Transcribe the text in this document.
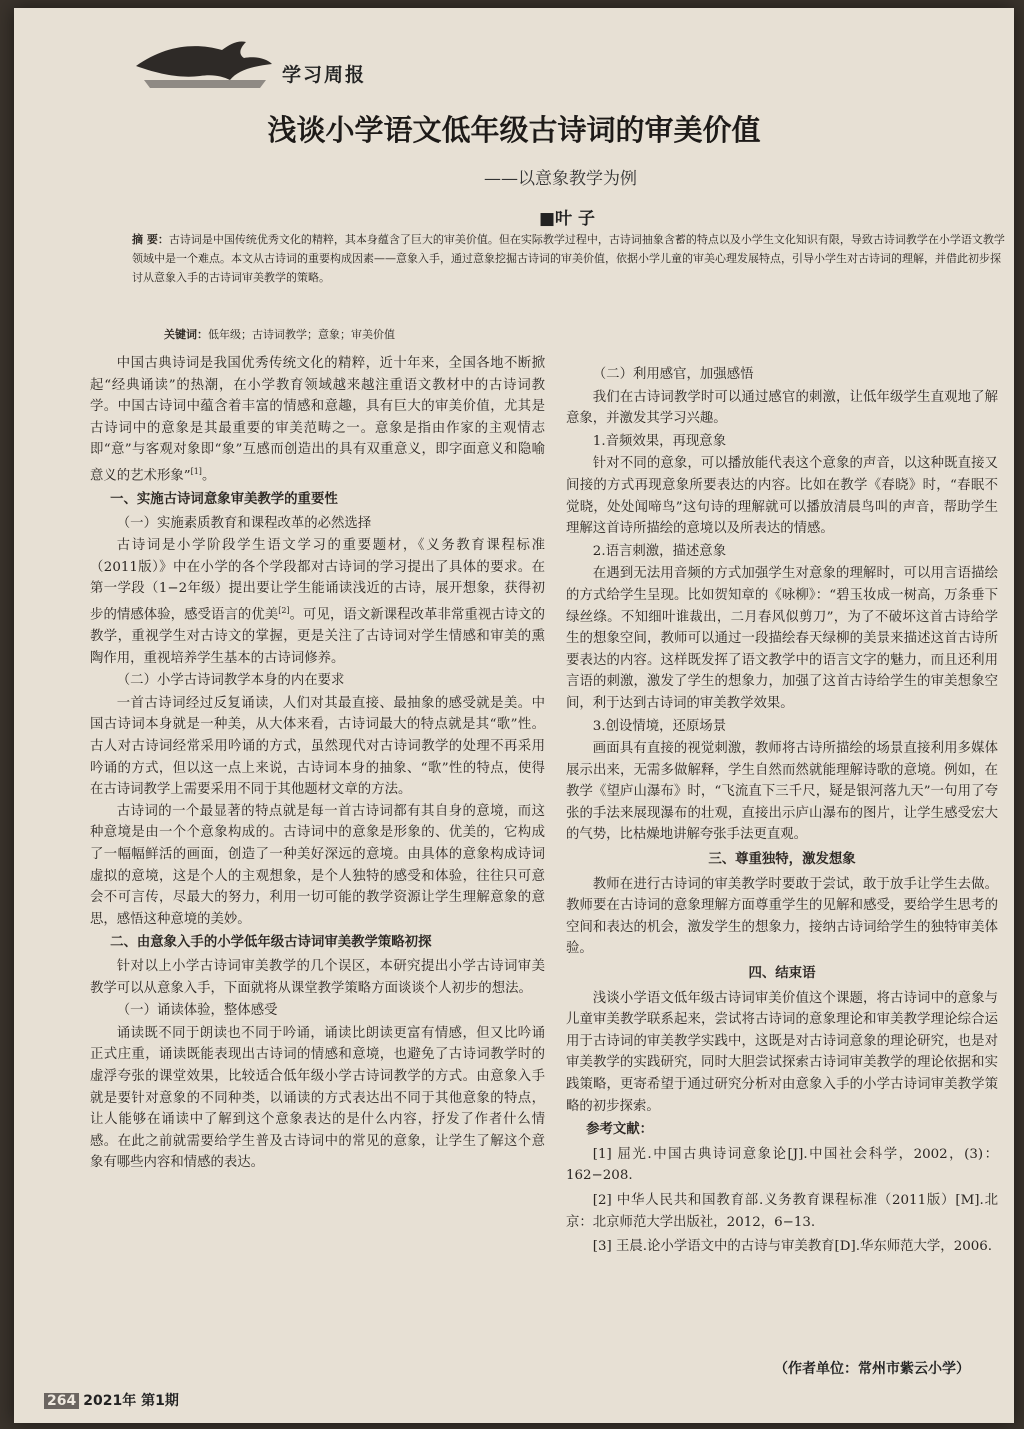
学习周报
浅谈小学语文低年级古诗词的审美价值
——以意象教学为例
■叶 子
摘 要：古诗词是中国传统优秀文化的精粹，其本身蕴含了巨大的审美价值。但在实际教学过程中，古诗词抽象含蓄的特点以及小学生文化知识有限，导致古诗词教学在小学语文教学领域中是一个难点。本文从古诗词的重要构成因素——意象入手，通过意象挖掘古诗词的审美价值，依据小学儿童的审美心理发展特点，引导小学生对古诗词的理解，并借此初步探讨从意象入手的古诗词审美教学的策略。
关键词：低年级；古诗词教学；意象；审美价值

中国古典诗词是我国优秀传统文化的精粹，近十年来，全国各地不断掀起“经典诵读”的热潮，在小学教育领域越来越注重语文教材中的古诗词教学。中国古诗词中蕴含着丰富的情感和意趣，具有巨大的审美价值，尤其是古诗词中的意象是其最重要的审美范畴之一。意象是指由作家的主观情志即“意”与客观对象即“象”互感而创造出的具有双重意义，即字面意义和隐喻意义的艺术形象”[1]。

一、实施古诗词意象审美教学的重要性

（一）实施素质教育和课程改革的必然选择

古诗词是小学阶段学生语文学习的重要题材，《义务教育课程标准（2011版）》中在小学的各个学段都对古诗词的学习提出了具体的要求。在第一学段（1−2年级）提出要让学生能诵读浅近的古诗，展开想象，获得初步的情感体验，感受语言的优美[2]。可见，语文新课程改革非常重视古诗文的教学，重视学生对古诗文的掌握，更是关注了古诗词对学生情感和审美的熏陶作用，重视培养学生基本的古诗词修养。

（二）小学古诗词教学本身的内在要求

一首古诗词经过反复诵读，人们对其最直接、最抽象的感受就是美。中国古诗词本身就是一种美，从大体来看，古诗词最大的特点就是其“歌”性。古人对古诗词经常采用吟诵的方式，虽然现代对古诗词教学的处理不再采用吟诵的方式，但以这一点上来说，古诗词本身的抽象、“歌”性的特点，使得在古诗词教学上需要采用不同于其他题材文章的方法。

古诗词的一个最显著的特点就是每一首古诗词都有其自身的意境，而这种意境是由一个个意象构成的。古诗词中的意象是形象的、优美的，它构成了一幅幅鲜活的画面，创造了一种美好深远的意境。由具体的意象构成诗词虚拟的意境，这是个人的主观想象，是个人独特的感受和体验，往往只可意会不可言传，尽最大的努力，利用一切可能的教学资源让学生理解意象的意思，感悟这种意境的美妙。

二、由意象入手的小学低年级古诗词审美教学策略初探

针对以上小学古诗词审美教学的几个误区，本研究提出小学古诗词审美教学可以从意象入手，下面就将从课堂教学策略方面谈谈个人初步的想法。

（一）诵读体验，整体感受

诵读既不同于朗读也不同于吟诵，诵读比朗读更富有情感，但又比吟诵正式庄重，诵读既能表现出古诗词的情感和意境，也避免了古诗词教学时的虚浮夸张的课堂效果，比较适合低年级小学古诗词教学的方式。由意象入手就是要针对意象的不同种类，以诵读的方式表达出不同于其他意象的特点，让人能够在诵读中了解到这个意象表达的是什么内容，抒发了作者什么情感。在此之前就需要给学生普及古诗词中的常见的意象，让学生了解这个意象有哪些内容和情感的表达。

（二）利用感官，加强感悟

我们在古诗词教学时可以通过感官的刺激，让低年级学生直观地了解意象，并激发其学习兴趣。

1.音频效果，再现意象

针对不同的意象，可以播放能代表这个意象的声音，以这种既直接又间接的方式再现意象所要表达的内容。比如在教学《春晓》时，“春眠不觉晓，处处闻啼鸟”这句诗的理解就可以播放清晨鸟叫的声音，帮助学生理解这首诗所描绘的意境以及所表达的情感。

2.语言刺激，描述意象

在遇到无法用音频的方式加强学生对意象的理解时，可以用言语描绘的方式给学生呈现。比如贺知章的《咏柳》：“碧玉妆成一树高，万条垂下绿丝绦。不知细叶谁裁出，二月春风似剪刀”，为了不破坏这首古诗给学生的想象空间，教师可以通过一段描绘春天绿柳的美景来描述这首古诗所要表达的内容。这样既发挥了语文教学中的语言文字的魅力，而且还利用言语的刺激，激发了学生的想象力，加强了这首古诗给学生的审美想象空间，利于达到古诗词的审美教学效果。

3.创设情境，还原场景

画面具有直接的视觉刺激，教师将古诗所描绘的场景直接利用多媒体展示出来，无需多做解释，学生自然而然就能理解诗歌的意境。例如，在教学《望庐山瀑布》时，“飞流直下三千尺，疑是银河落九天”一句用了夸张的手法来展现瀑布的壮观，直接出示庐山瀑布的图片，让学生感受宏大的气势，比枯燥地讲解夸张手法更直观。

三、尊重独特，激发想象

教师在进行古诗词的审美教学时要敢于尝试，敢于放手让学生去做。教师要在古诗词的意象理解方面尊重学生的见解和感受，要给学生思考的空间和表达的机会，激发学生的想象力，接纳古诗词给学生的独特审美体验。

四、结束语

浅谈小学语文低年级古诗词审美价值这个课题，将古诗词中的意象与儿童审美教学联系起来，尝试将古诗词的意象理论和审美教学理论综合运用于古诗词的审美教学实践中，这既是对古诗词意象的理论研究，也是对审美教学的实践研究，同时大胆尝试探索古诗词审美教学的理论依据和实践策略，更寄希望于通过研究分析对由意象入手的小学古诗词审美教学策略的初步探索。

参考文献：

[1] 屈光.中国古典诗词意象论[J].中国社会科学，2002，(3)：162−208.

[2] 中华人民共和国教育部.义务教育课程标准（2011版）[M].北京：北京师范大学出版社，2012，6−13.

[3] 王晨.论小学语文中的古诗与审美教育[D].华东师范大学，2006.

（作者单位：常州市紫云小学）
264 2021年 第1期
